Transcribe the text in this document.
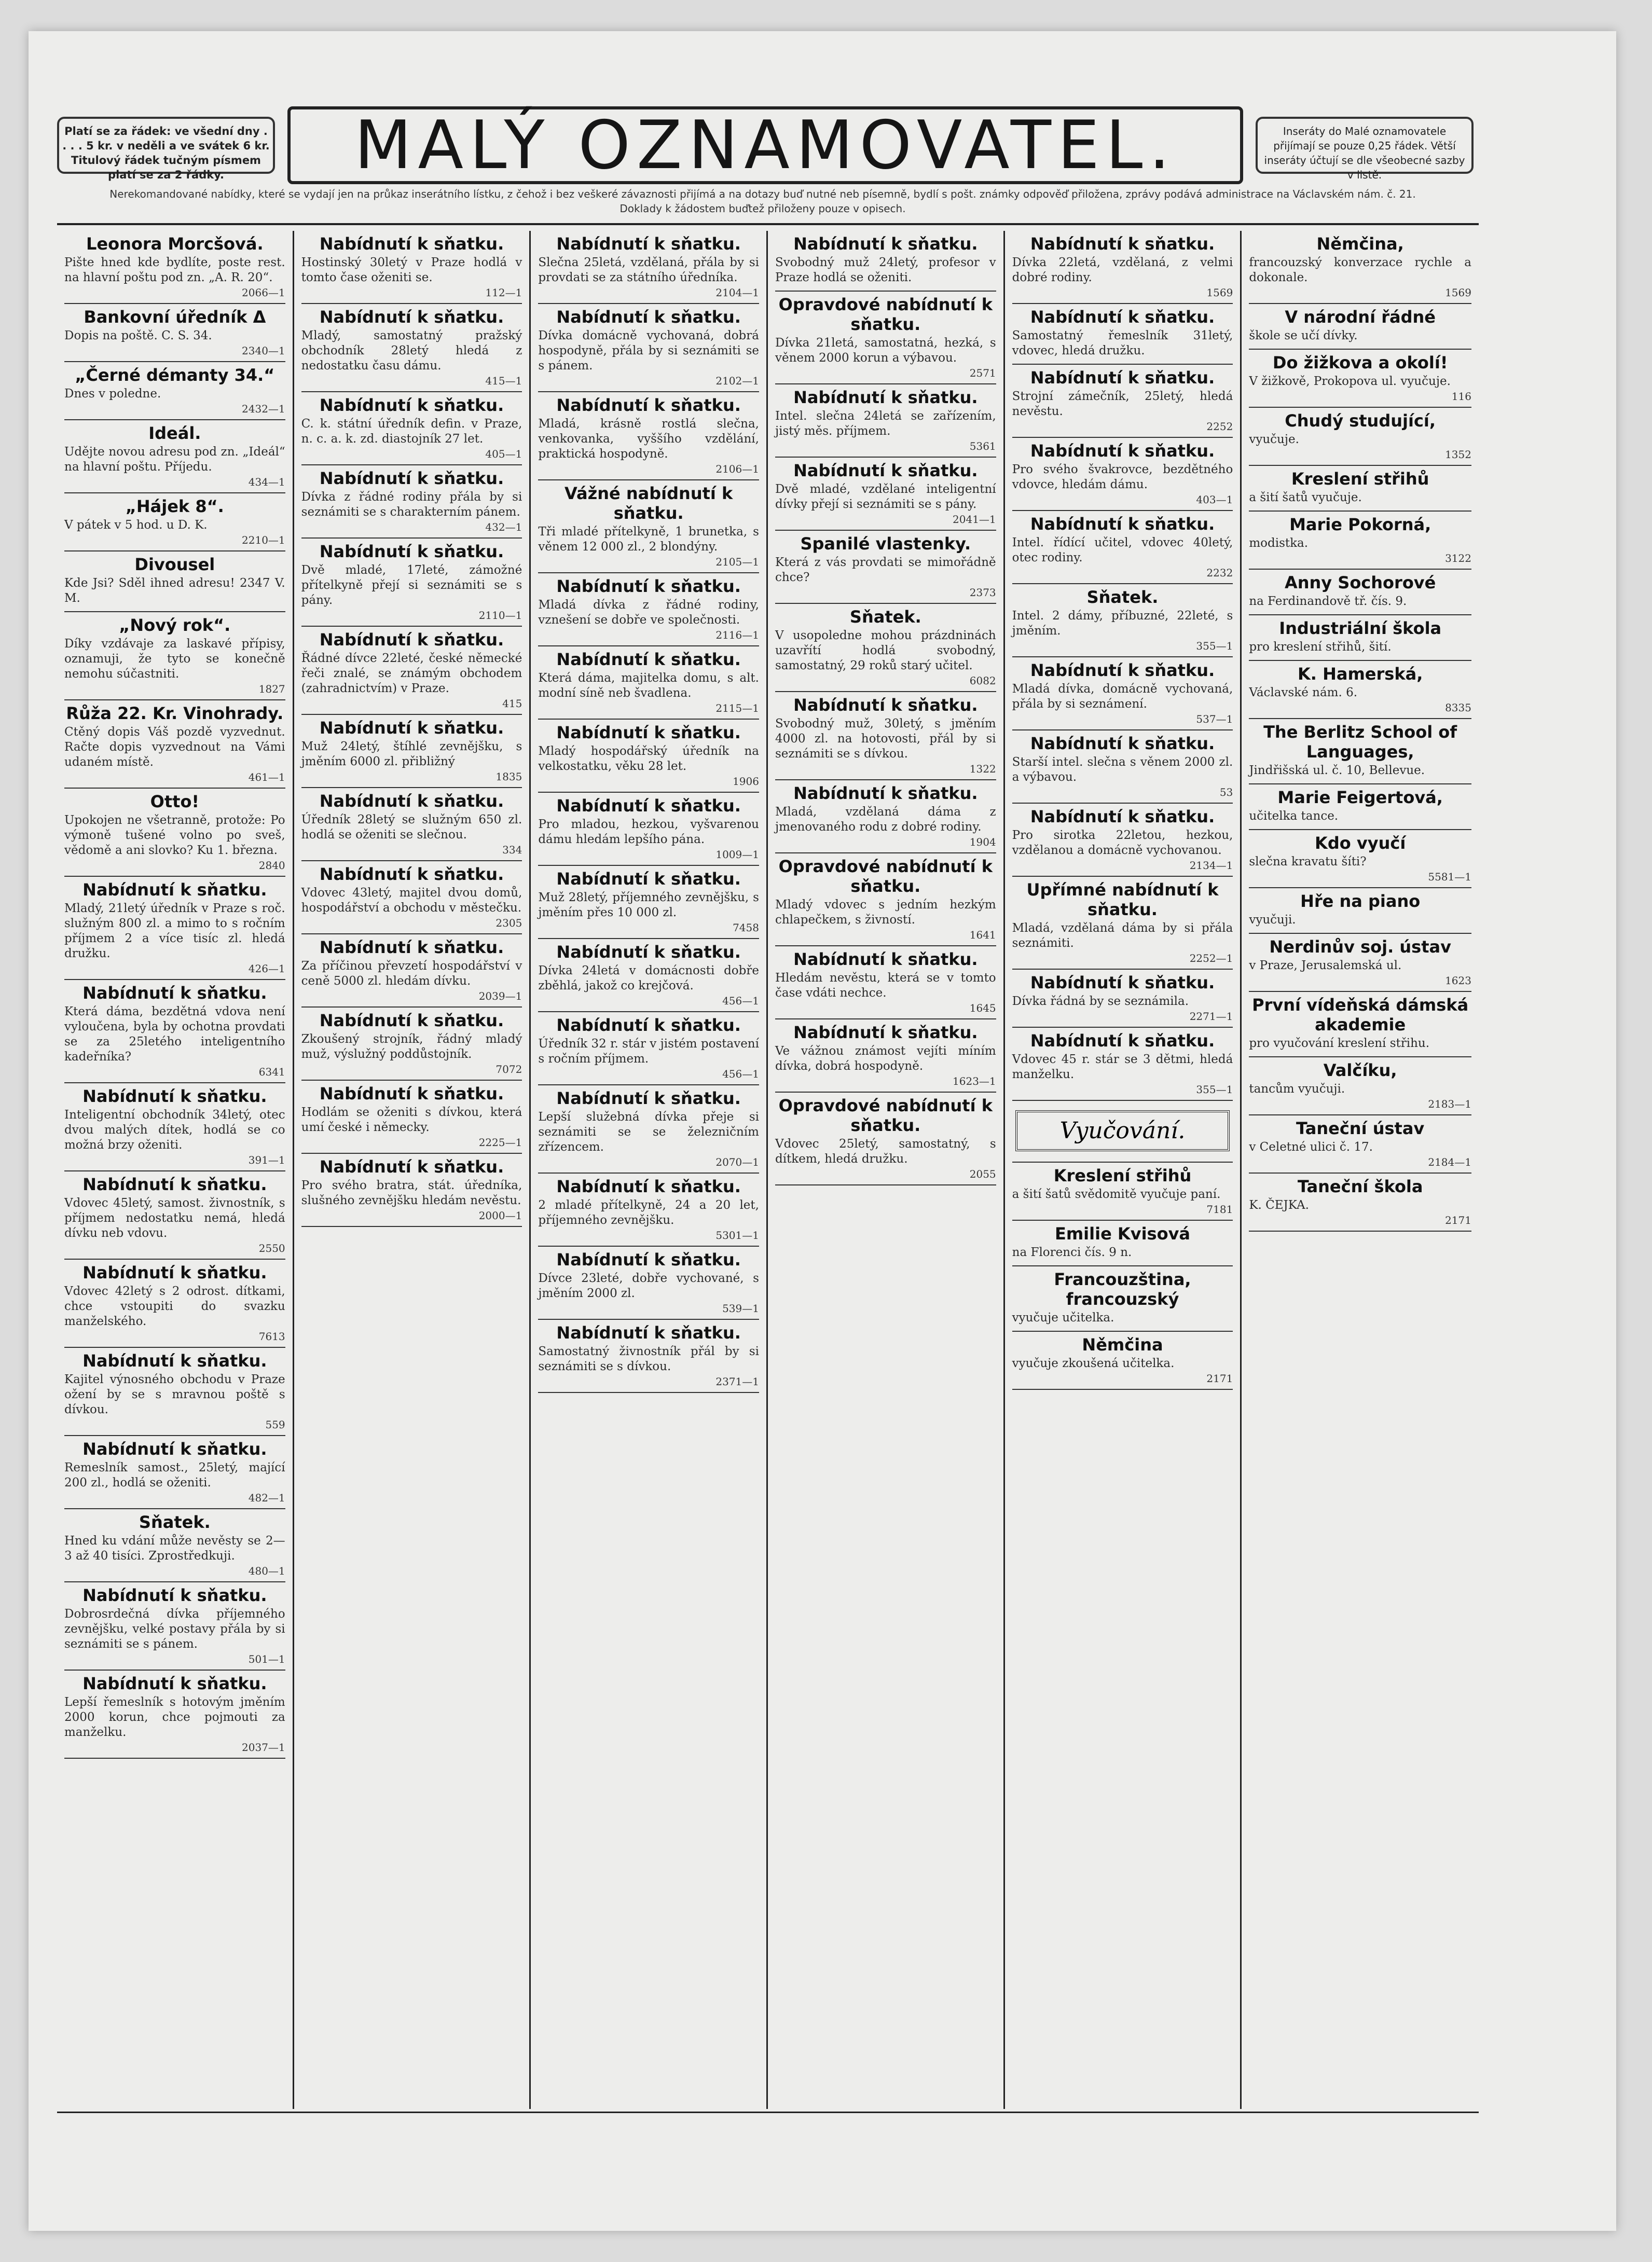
Platí se za řádek: ve všední dny . . . . 5 kr. v neděli a ve svátek 6 kr. Titulový řádek tučným písmem platí se za 2 řádky.	MALÝ OZNAMOVATEL.	Inseráty do Malé oznamovatele přijímají se pouze 0,25 řádek. Větší inseráty účtují se dle všeobecné sazby v listě.
Nerekomandované nabídky, které se vydají jen na průkaz inserátního lístku, z čehož i bez veškeré závaznosti přijímá a na dotazy buď nutné neb písemně, bydlí s pošt. známky odpověď přiložena, zprávy podává administrace na Václavském nám. č. 21. Doklady k žádostem buďtež přiloženy pouze v opisech.
Leonora Morcšová.
Pište hned kde bydlíte, poste rest. na hlavní poštu pod zn. „A. R. 20“.
2066—1
Bankovní úředník Δ
Dopis na poště. C. S. 34.
2340—1
„Černé démanty 34.“
Dnes v poledne.
2432—1
Ideál.
Udějte novou adresu pod zn. „Ideál“ na hlavní poštu. Příjedu.
434—1
„Hájek 8“.
V pátek v 5 hod. u D. K.
2210—1
Divousel
Kde Jsi? Sděl ihned adresu! 2347 V. M.
„Nový rok“.
Díky vzdávaje za laskavé přípisy, oznamuji, že tyto se konečně nemohu súčastniti.
1827
Růža 22. Kr. Vinohrady.
Ctěný dopis Váš pozdě vyzvednut. Račte dopis vyzvednout na Vámi udaném místě.
461—1
Otto!
Upokojen ne všetranně, protože: Po výmoně tušené volno po sveš, vědomě a ani slovko? Ku 1. března.
2840
Nabídnutí k sňatku.
Mladý, 21letý úředník v Praze s roč. služným 800 zl. a mimo to s ročním příjmem 2 a více tisíc zl. hledá družku.
426—1
Nabídnutí k sňatku.
Která dáma, bezdětná vdova není vyloučena, byla by ochotna provdati se za 25letého inteligentního kadeřníka?
6341
Nabídnutí k sňatku.
Inteligentní obchodník 34letý, otec dvou malých dítek, hodlá se co možná brzy oženiti.
391—1
Nabídnutí k sňatku.
Vdovec 45letý, samost. živnostník, s příjmem nedostatku nemá, hledá dívku neb vdovu.
2550
Nabídnutí k sňatku.
Vdovec 42letý s 2 odrost. dítkami, chce vstoupiti do svazku manželského.
7613
Nabídnutí k sňatku.
Kajitel výnosného obchodu v Praze ožení by se s mravnou poště s dívkou.
559
Nabídnutí k sňatku.
Remeslník samost., 25letý, mající 200 zl., hodlá se oženiti.
482—1
Sňatek.
Hned ku vdání může nevěsty se 2—3 až 40 tisíci. Zprostředkuji.
480—1
Nabídnutí k sňatku.
Dobrosrdečná dívka příjemného zevnějšku, velké postavy přála by si seznámiti se s pánem.
501—1
Nabídnutí k sňatku.
Lepší řemeslník s hotovým jměním 2000 korun, chce pojmouti za manželku.
2037—1
Nabídnutí k sňatku.
Hostinský 30letý v Praze hodlá v tomto čase oženiti se.
112—1
Nabídnutí k sňatku.
Mladý, samostatný pražský obchodník 28letý hledá z nedostatku času dámu.
415—1
Nabídnutí k sňatku.
C. k. státní úředník defin. v Praze, n. c. a. k. zd. diastojník 27 let.
405—1
Nabídnutí k sňatku.
Dívka z řádné rodiny přála by si seznámiti se s charakterním pánem.
432—1
Nabídnutí k sňatku.
Dvě mladé, 17leté, zámožné přítelkyně přejí si seznámiti se s pány.
2110—1
Nabídnutí k sňatku.
Řádné dívce 22leté, české německé řeči znalé, se známým obchodem (zahradnictvím) v Praze.
415
Nabídnutí k sňatku.
Muž 24letý, štíhlé zevnějšku, s jměním 6000 zl. přibližný
1835
Nabídnutí k sňatku.
Úředník 28letý se služným 650 zl. hodlá se oženiti se slečnou.
334
Nabídnutí k sňatku.
Vdovec 43letý, majitel dvou domů, hospodářství a obchodu v městečku.
2305
Nabídnutí k sňatku.
Za příčinou převzetí hospodářství v ceně 5000 zl. hledám dívku.
2039—1
Nabídnutí k sňatku.
Zkoušený strojník, řádný mladý muž, výslužný poddůstojník.
7072
Nabídnutí k sňatku.
Hodlám se oženiti s dívkou, která umí české i německy.
2225—1
Nabídnutí k sňatku.
Pro svého bratra, stát. úředníka, slušného zevnějšku hledám nevěstu.
2000—1
Nabídnutí k sňatku.
Slečna 25letá, vzdělaná, přála by si provdati se za státního úředníka.
2104—1
Nabídnutí k sňatku.
Dívka domácně vychovaná, dobrá hospodyně, přála by si seznámiti se s pánem.
2102—1
Nabídnutí k sňatku.
Mladá, krásně rostlá slečna, venkovanka, vyššího vzdělání, praktická hospodyně.
2106—1
Vážné nabídnutí k sňatku.
Tři mladé přítelkyně, 1 brunetka, s věnem 12 000 zl., 2 blondýny.
2105—1
Nabídnutí k sňatku.
Mladá dívka z řádné rodiny, vznešení se dobře ve společnosti.
2116—1
Nabídnutí k sňatku.
Která dáma, majitelka domu, s alt. modní síně neb švadlena.
2115—1
Nabídnutí k sňatku.
Mladý hospodářský úředník na velkostatku, věku 28 let.
1906
Nabídnutí k sňatku.
Pro mladou, hezkou, vyšvarenou dámu hledám lepšího pána.
1009—1
Nabídnutí k sňatku.
Muž 28letý, příjemného zevnějšku, s jměním přes 10 000 zl.
7458
Nabídnutí k sňatku.
Dívka 24letá v domácnosti dobře zběhlá, jakož co krejčová.
456—1
Nabídnutí k sňatku.
Úředník 32 r. stár v jistém postavení s ročním příjmem.
456—1
Nabídnutí k sňatku.
Lepší služebná dívka přeje si seznámiti se se železničním zřízencem.
2070—1
Nabídnutí k sňatku.
2 mladé přítelkyně, 24 a 20 let, příjemného zevnějšku.
5301—1
Nabídnutí k sňatku.
Dívce 23leté, dobře vychované, s jměním 2000 zl.
539—1
Nabídnutí k sňatku.
Samostatný živnostník přál by si seznámiti se s dívkou.
2371—1
Nabídnutí k sňatku.
Svobodný muž 24letý, profesor v Praze hodlá se oženiti.
Opravdové nabídnutí k sňatku.
Dívka 21letá, samostatná, hezká, s věnem 2000 korun a výbavou.
2571
Nabídnutí k sňatku.
Intel. slečna 24letá se zařízením, jistý měs. příjmem.
5361
Nabídnutí k sňatku.
Dvě mladé, vzdělané inteligentní dívky přejí si seznámiti se s pány.
2041—1
Spanilé vlastenky.
Která z vás provdati se mimořádně chce?
2373
Sňatek.
V usopoledne mohou prázdninách uzavřítí hodlá svobodný, samostatný, 29 roků starý učitel.
6082
Nabídnutí k sňatku.
Svobodný muž, 30letý, s jměním 4000 zl. na hotovosti, přál by si seznámiti se s dívkou.
1322
Nabídnutí k sňatku.
Mladá, vzdělaná dáma z jmenovaného rodu z dobré rodiny.
1904
Opravdové nabídnutí k sňatku.
Mladý vdovec s jedním hezkým chlapečkem, s živností.
1641
Nabídnutí k sňatku.
Hledám nevěstu, která se v tomto čase vdáti nechce.
1645
Nabídnutí k sňatku.
Ve vážnou známost vejíti míním dívka, dobrá hospodyně.
1623—1
Opravdové nabídnutí k sňatku.
Vdovec 25letý, samostatný, s dítkem, hledá družku.
2055
Nabídnutí k sňatku.
Dívka 22letá, vzdělaná, z velmi dobré rodiny.
1569
Nabídnutí k sňatku.
Samostatný řemeslník 31letý, vdovec, hledá družku.
Nabídnutí k sňatku.
Strojní zámečník, 25letý, hledá nevěstu.
2252
Nabídnutí k sňatku.
Pro svého švakrovce, bezdětného vdovce, hledám dámu.
403—1
Nabídnutí k sňatku.
Intel. řídící učitel, vdovec 40letý, otec rodiny.
2232
Sňatek.
Intel. 2 dámy, příbuzné, 22leté, s jměním.
355—1
Nabídnutí k sňatku.
Mladá dívka, domácně vychovaná, přála by si seznámení.
537—1
Nabídnutí k sňatku.
Starší intel. slečna s věnem 2000 zl. a výbavou.
53
Nabídnutí k sňatku.
Pro sirotka 22letou, hezkou, vzdělanou a domácně vychovanou.
2134—1
Upřímné nabídnutí k sňatku.
Mladá, vzdělaná dáma by si přála seznámiti.
2252—1
Nabídnutí k sňatku.
Dívka řádná by se seznámila.
2271—1
Nabídnutí k sňatku.
Vdovec 45 r. stár se 3 dětmi, hledá manželku.
355—1
Vyučování.
Kreslení střihů
a šití šatů svědomitě vyučuje paní.
7181
Emilie Kvisová
na Florenci čís. 9 n.
Francouzština, francouzský
vyučuje učitelka.
Němčina
vyučuje zkoušená učitelka.
2171
Němčina,
francouzský konverzace rychle a dokonale.
1569
V národní řádné
škole se učí dívky.
Do žižkova a okolí!
V žižkově, Prokopova ul. vyučuje.
116
Chudý studující,
vyučuje.
1352
Kreslení střihů
a šití šatů vyučuje.
Marie Pokorná,
modistka.
3122
Anny Sochorové
na Ferdinandově tř. čís. 9.
Industriální škola
pro kreslení střihů, šití.
K. Hamerská,
Václavské nám. 6.
8335
The Berlitz School of Languages,
Jindřišská ul. č. 10, Bellevue.
Marie Feigertová,
učitelka tance.
Kdo vyučí
slečna kravatu šíti?
5581—1
Hře na piano
vyučuji.
Nerdinův soj. ústav
v Praze, Jerusalemská ul.
1623
První vídeňská dámská akademie
pro vyučování kreslení střihu.
Valčíku,
tancům vyučuji.
2183—1
Taneční ústav
v Celetné ulici č. 17.
2184—1
Taneční škola
K. ČEJKA.
2171
